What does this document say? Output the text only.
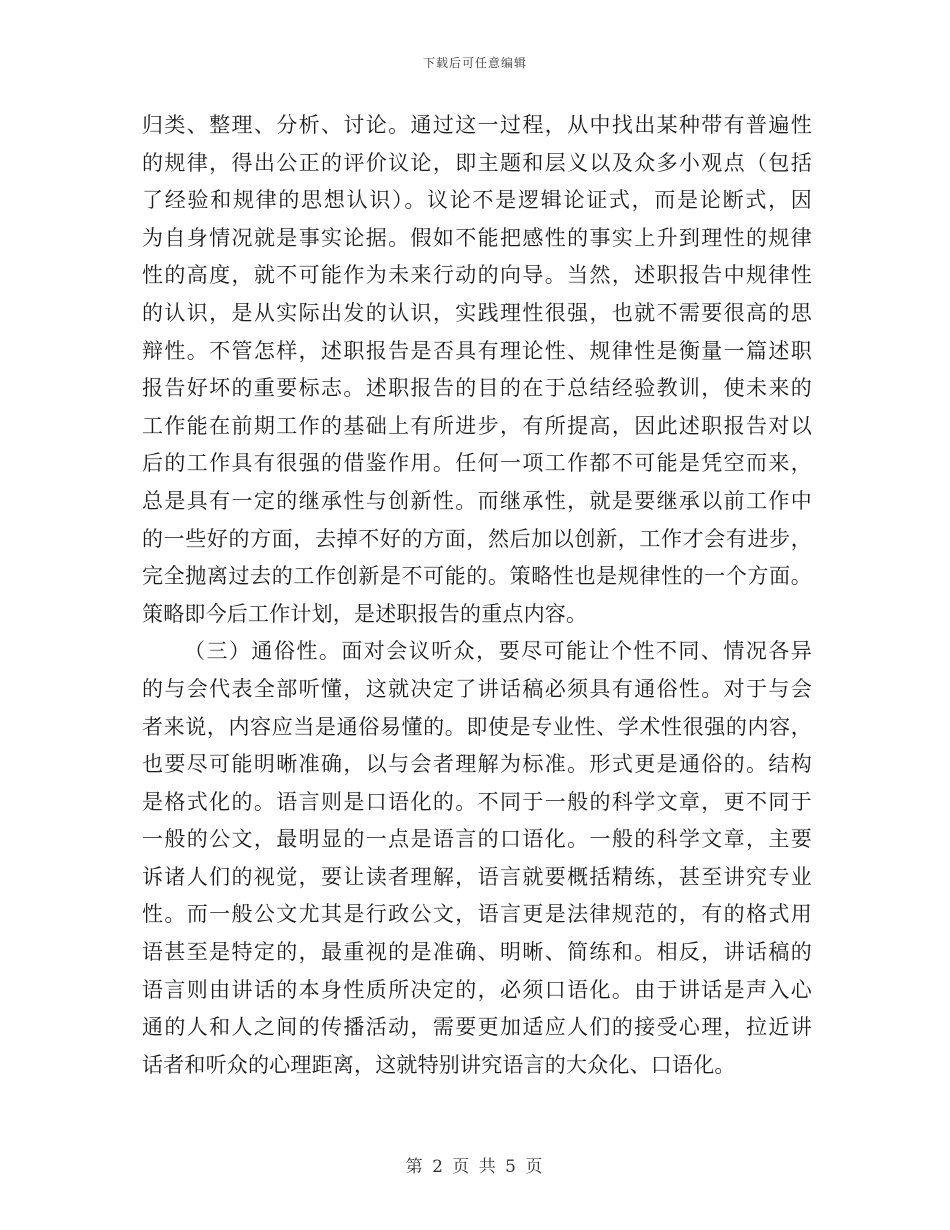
下载后可任意编辑
归类、整理、分析、讨论。通过这一过程，从中找出某种带有普遍性
的规律，得出公正的评价议论，即主题和层义以及众多小观点（包括
了经验和规律的思想认识）。议论不是逻辑论证式，而是论断式，因
为自身情况就是事实论据。假如不能把感性的事实上升到理性的规律
性的高度，就不可能作为未来行动的向导。当然，述职报告中规律性
的认识，是从实际出发的认识，实践理性很强，也就不需要很高的思
辩性。不管怎样，述职报告是否具有理论性、规律性是衡量一篇述职
报告好坏的重要标志。述职报告的目的在于总结经验教训，使未来的
工作能在前期工作的基础上有所进步，有所提高，因此述职报告对以
后的工作具有很强的借鉴作用。任何一项工作都不可能是凭空而来，
总是具有一定的继承性与创新性。而继承性，就是要继承以前工作中
的一些好的方面，去掉不好的方面，然后加以创新，工作才会有进步，
完全抛离过去的工作创新是不可能的。策略性也是规律性的一个方面。
策略即今后工作计划，是述职报告的重点内容。
（三）通俗性。面对会议听众，要尽可能让个性不同、情况各异
的与会代表全部听懂，这就决定了讲话稿必须具有通俗性。对于与会
者来说，内容应当是通俗易懂的。即使是专业性、学术性很强的内容，
也要尽可能明晰准确，以与会者理解为标准。形式更是通俗的。结构
是格式化的。语言则是口语化的。不同于一般的科学文章，更不同于
一般的公文，最明显的一点是语言的口语化。一般的科学文章，主要
诉诸人们的视觉，要让读者理解，语言就要概括精练，甚至讲究专业
性。而一般公文尤其是行政公文，语言更是法律规范的，有的格式用
语甚至是特定的，最重视的是准确、明晰、简练和。相反，讲话稿的
语言则由讲话的本身性质所决定的，必须口语化。由于讲话是声入心
通的人和人之间的传播活动，需要更加适应人们的接受心理，拉近讲
话者和听众的心理距离，这就特别讲究语言的大众化、口语化。
第 2 页 共 5 页
